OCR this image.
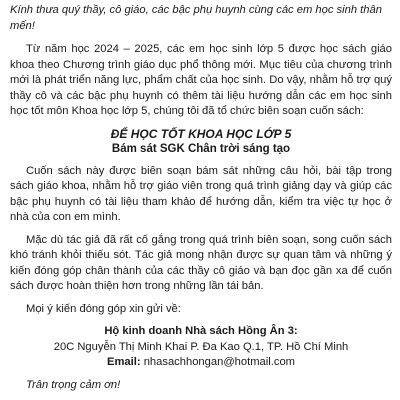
Kính thưa quý thầy, cô giáo, các bậc phụ huynh cùng các em học sinh thân mến!

Từ năm học 2024 – 2025, các em học sinh lớp 5 được học sách giáo khoa theo Chương trình giáo dục phổ thông mới. Mục tiêu của chương trình mới là phát triển năng lực, phẩm chất của học sinh. Do vậy, nhằm hỗ trợ quý thầy cô và các bậc phụ huynh có thêm tài liệu hướng dẫn các em học sinh học tốt môn Khoa học lớp 5, chúng tôi đã tổ chức biên soạn cuốn sách:

ĐỂ HỌC TỐT KHOA HỌC LỚP 5
Bám sát SGK Chân trời sáng tạo

Cuốn sách này được biên soạn bám sát những câu hỏi, bài tập trong sách giáo khoa, nhằm hỗ trợ giáo viên trong quá trình giảng dạy và giúp các bậc phụ huynh có tài liệu tham khảo để hướng dẫn, kiểm tra việc tự học ở nhà của con em mình.

Mặc dù tác giả đã rất cố gắng trong quá trình biên soạn, song cuốn sách khó tránh khỏi thiếu sót. Tác giả mong nhận được sự quan tâm và những ý kiến đóng góp chân thành của các thầy cô giáo và bạn đọc gần xa để cuốn sách được hoàn thiện hơn trong những lần tái bản.

Mọi ý kiến đóng góp xin gửi về:

Hộ kinh doanh Nhà sách Hồng Ân 3:
20C Nguyễn Thị Minh Khai P. Đa Kao Q.1, TP. Hồ Chí Minh
Email: nhasachhongan@hotmail.com

Trân trọng cảm ơn!
